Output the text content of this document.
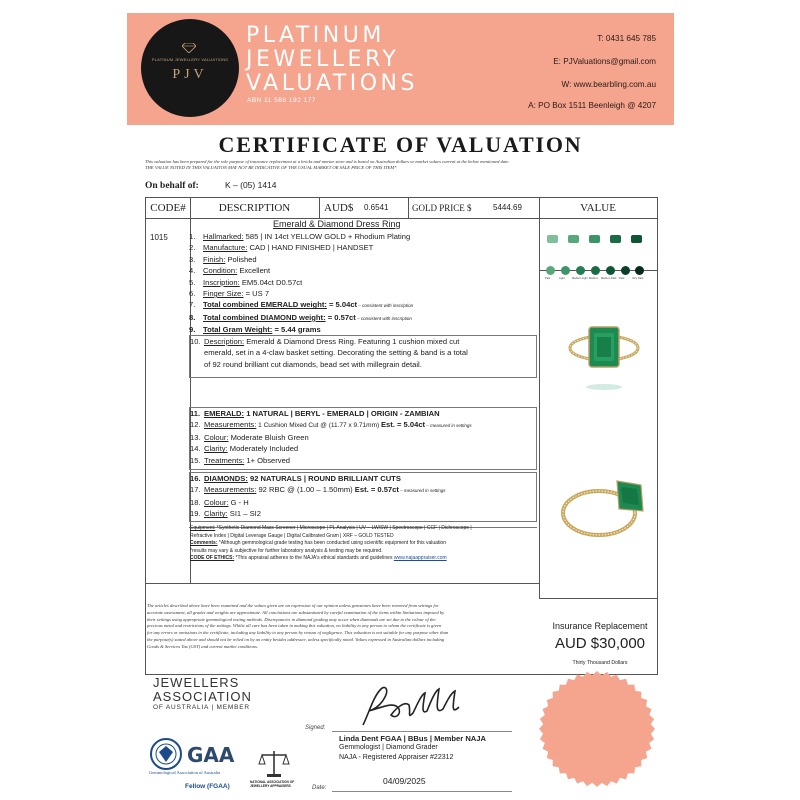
PLATINUM JEWELLERY VALUATIONS
PJV
PLATINUM
JEWELLERY
VALUATIONS
ABN 11 588 192 177
T: 0431 645 785
E: PJValuations@gmail.com
W: www.bearbling.com.au
A: PO Box 1511 Beenleigh @ 4207
CERTIFICATE OF VALUATION
This valuation has been prepared for the sole purpose of insurance replacement at a bricks and mortar store and is based on Australian dollars or market values current at the below mentioned date.
THE VALUE NOTED IN THIS VALUATION MAY NOT BE INDICATIVE OF THE USUAL MARKET OR SALE PRICE OF THIS ITEM*
On behalf of:	K – (05) 1414
CODE#	DESCRIPTION	AUD$	0.6541	GOLD PRICE $	5444.69	VALUE
Emerald & Diamond Dress Ring
1015	1. Hallmarked: 585 | IN 14ct YELLOW GOLD + Rhodium Plating
2. Manufacture: CAD | HAND FINISHED | HANDSET
3. Finish: Polished
4. Condition: Excellent
5. Inscription: EM5.04ct D0.57ct
6. Finger Size: = US 7
7. Total combined EMERALD weight: = 5.04ct – consistent with inscription
8. Total combined DIAMOND weight: = 0.57ct – consistent with inscription
9. Total Gram Weight: = 5.44 grams
10. Description: Emerald & Diamond Dress Ring. Featuring 1 cushion mixed cut
emerald, set in a 4-claw basket setting. Decorating the setting & band is a total
of 92 round brilliant cut diamonds, bead set with millegrain detail.
11. EMERALD: 1 NATURAL | BERYL - EMERALD | ORIGIN - ZAMBIAN
12. Measurements: 1 Cushion Mixed Cut @ (11.77 x 9.71mm) Est. = 5.04ct – measured in settings
13. Colour: Moderate Bluish Green
14. Clarity: Moderately Included
15. Treatments: 1+ Observed
16. DIAMONDS: 92 NATURALS | ROUND BRILLIANT CUTS
17. Measurements: 92 RBC @ (1.00 – 1.50mm) Est. = 0.57ct – measured in settings
18. Colour: G - H
19. Clarity: SI1 – SI2
Equipment: *Synthetic Diamond Mass Screener | Microscope | PL Analysis | UV – LW/SW | Spectroscope | CCF | Dichroscope |
Refractive Index | Digital Leverage Gauge | Digital Calibrated Gram | XRF – GOLD TESTED
Comments: *Although gemmological grade testing has been conducted using scientific equipment for this valuation
*results may vary & subjective for further laboratory analysis & testing may be required.
CODE OF ETHICS: *This appraisal adheres to the NAJA's ethical standards and guidelines www.najaappraiser.com
Pale	Light	Medium Light Medium Medium Dark Dark	Very Dark
The articles described above have been examined and the values given are an expression of our opinion unless gemstones have been removed from settings for
accurate assessment, all grades and weights are approximate. All conclusions are substantiated by careful examination of the items within limitations imposed by
their settings using appropriate gemmological testing methods. Discrepancies in diamond grading may occur when diamonds are set due to the colour of the
precious metal and restrictions of the settings. Whilst all care has been taken in making this valuation, no liability to any person to whom the certificate is given
for any errors or omissions in the certificate, including any liability to any person by reason of negligence. This valuation is not suitable for any purpose other than
the purpose(s) stated above and should not be relied on by an entity besides addressee, unless specifically noted. Values expressed in Australian dollars including
Goods & Services Tax (GST) and current market conditions.
Insurance Replacement
AUD $30,000
Thirty Thousand Dollars
JEWELLERS
ASSOCIATION
OF AUSTRALIA | MEMBER
GAA
Gemmological Association of Australia
Fellow (FGAA)
NATIONAL ASSOCIATION OF
JEWELLERY APPRAISERS
Signed:
Linda Dent FGAA | BBus | Member NAJA
Gemmologist | Diamond Grader
NAJA - Registered Appraiser #22312
04/09/2025
Date:
